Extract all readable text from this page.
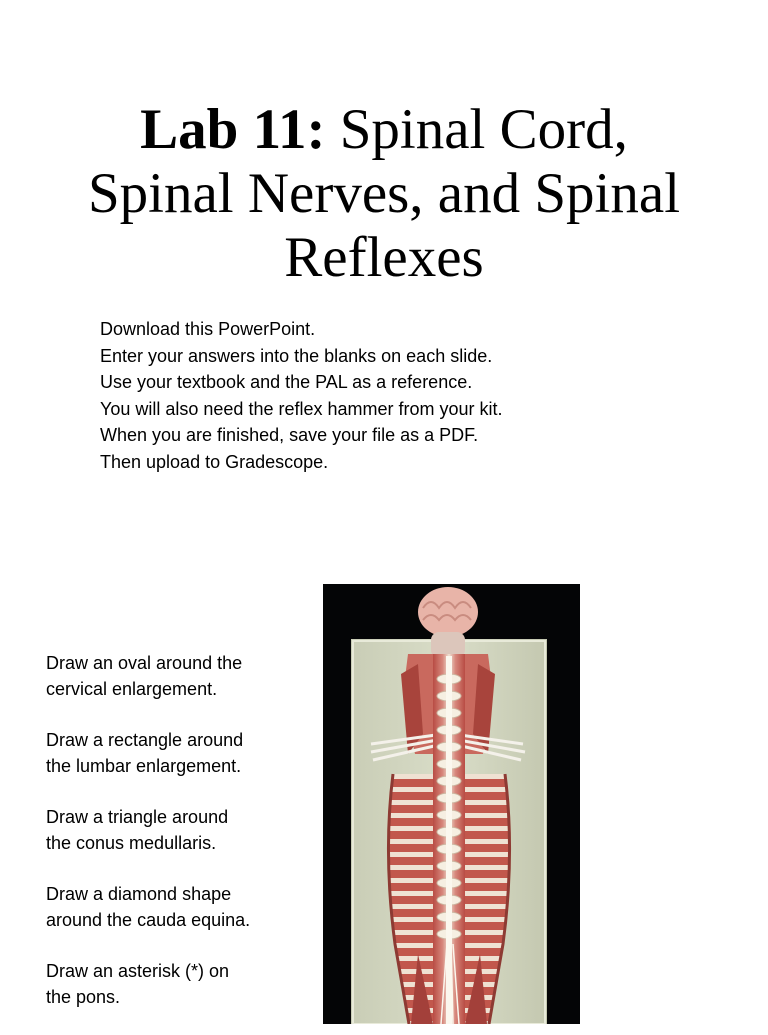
Lab 11: Spinal Cord,
Spinal Nerves, and Spinal
Reflexes
Download this PowerPoint.
Enter your answers into the blanks on each slide.
Use your textbook and the PAL as a reference.
You will also need the reflex hammer from your kit.
When you are finished, save your file as a PDF.
Then upload to Gradescope.
Draw an oval around the
cervical enlargement.
Draw a rectangle around
the lumbar enlargement.
Draw a triangle around
the conus medullaris.
Draw a diamond shape
around the cauda equina.
Draw an asterisk (*) on
the pons.
